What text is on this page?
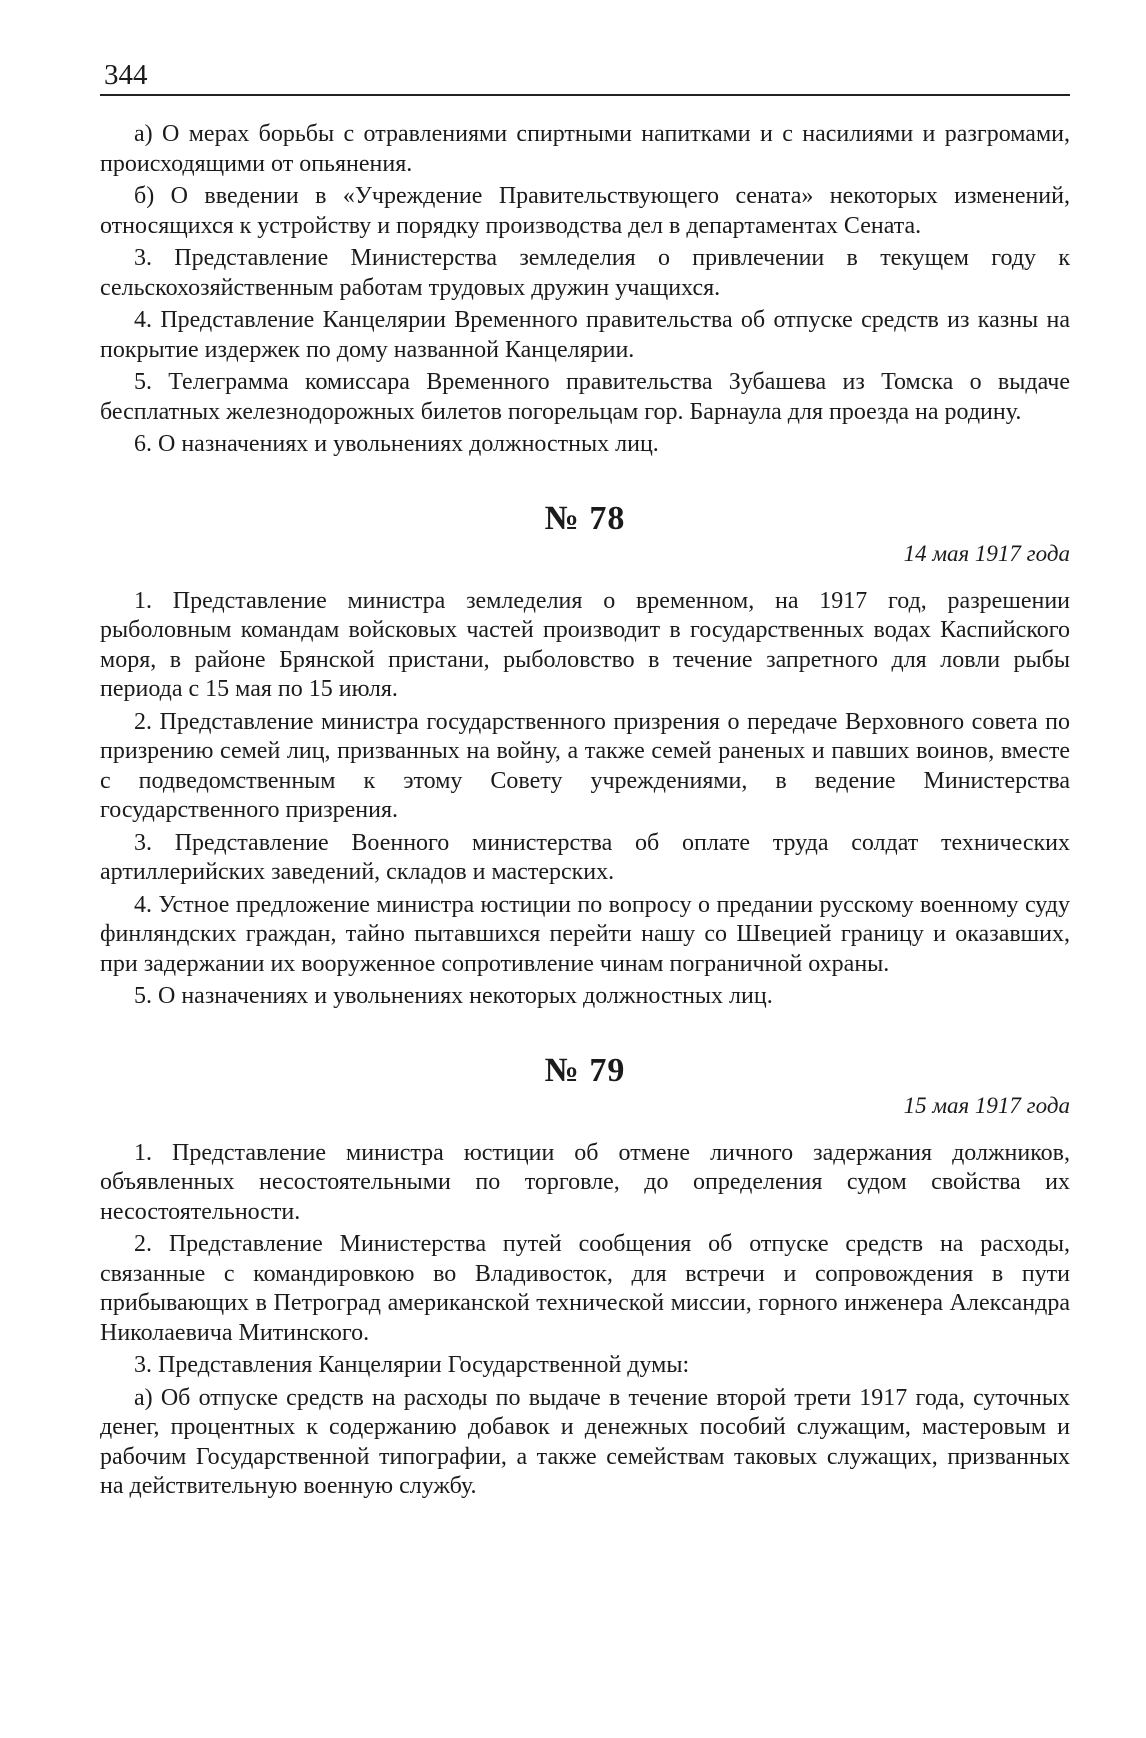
344

а) О мерах борьбы с отравлениями спиртными напитками и с насилиями и разгромами, происходящими от опьянения.

б) О введении в «Учреждение Правительствующего сената» некоторых изменений, относящихся к устройству и порядку производства дел в департаментах Сената.

3. Представление Министерства земледелия о привлечении в текущем году к сельскохозяйственным работам трудовых дружин учащихся.

4. Представление Канцелярии Временного правительства об отпуске средств из казны на покрытие издержек по дому названной Канцелярии.

5. Телеграмма комиссара Временного правительства Зубашева из Томска о выдаче бесплатных железнодорожных билетов погорельцам гор. Барнаула для проезда на родину.

6. О назначениях и увольнениях должностных лиц.

№ 78
14 мая 1917 года

1. Представление министра земледелия о временном, на 1917 год, разрешении рыболовным командам войсковых частей производит в государственных водах Каспийского моря, в районе Брянской пристани, рыболовство в течение запретного для ловли рыбы периода с 15 мая по 15 июля.

2. Представление министра государственного призрения о передаче Верховного совета по призрению семей лиц, призванных на войну, а также семей раненых и павших воинов, вместе с подведомственным к этому Совету учреждениями, в ведение Министерства государственного призрения.

3. Представление Военного министерства об оплате труда солдат технических артиллерийских заведений, складов и мастерских.

4. Устное предложение министра юстиции по вопросу о предании русскому военному суду финляндских граждан, тайно пытавшихся перейти нашу со Швецией границу и оказавших, при задержании их вооруженное сопротивление чинам пограничной охраны.

5. О назначениях и увольнениях некоторых должностных лиц.

№ 79
15 мая 1917 года

1. Представление министра юстиции об отмене личного задержания должников, объявленных несостоятельными по торговле, до определения судом свойства их несостоятельности.

2. Представление Министерства путей сообщения об отпуске средств на расходы, связанные с командировкою во Владивосток, для встречи и сопровождения в пути прибывающих в Петроград американской технической миссии, горного инженера Александра Николаевича Митинского.

3. Представления Канцелярии Государственной думы:

а) Об отпуске средств на расходы по выдаче в течение второй трети 1917 года, суточных денег, процентных к содержанию добавок и денежных пособий служащим, мастеровым и рабочим Государственной типографии, а также семействам таковых служащих, призванных на действительную военную службу.
